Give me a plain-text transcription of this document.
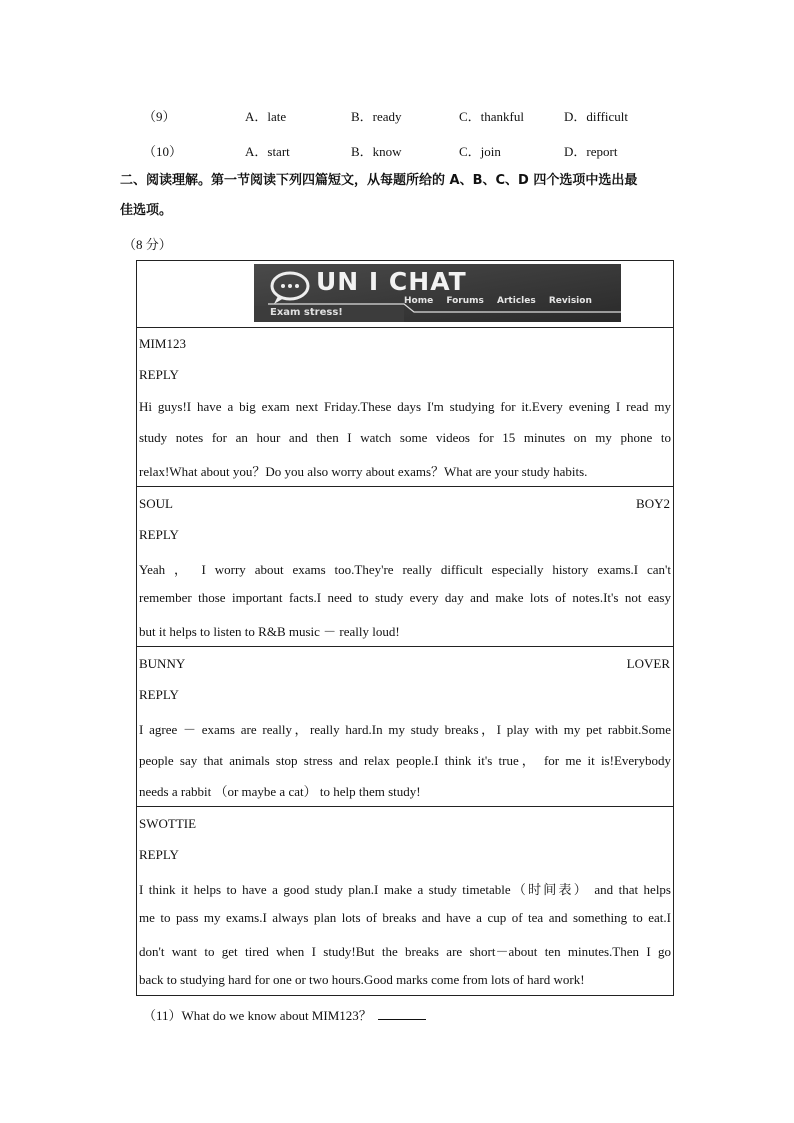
（9）	A．late	B．ready	C．thankful	D．difficult
（10）	A．start	B．know	C．join	D．report
二、阅读理解。第一节阅读下列四篇短文，从每题所给的 A、B、C、D 四个选项中选出最
佳选项。
（8 分）
UN I CHAT
Home Forums Articles Revision
Exam stress!
MIM123
REPLY
Hi guys!I have a big exam next Friday.These days I'm studying for it.Every evening I read my
study notes for an hour and then I watch some videos for 15 minutes on my phone to
relax!What about you？Do you also worry about exams？What are your study habits.
SOUL	BOY2
REPLY
Yeah ， I worry about exams too.They're really difficult especially history exams.I can't
remember those important facts.I need to study every day and make lots of notes.It's not easy
but it helps to listen to R&B music － really loud!
BUNNY	LOVER
REPLY
I agree － exams are really，really hard.In my study breaks，I play with my pet rabbit.Some
people say that animals stop stress and relax people.I think it's true， for me it is!Everybody
needs a rabbit （or maybe a cat） to help them study!
SWOTTIE
REPLY
I think it helps to have a good study plan.I make a study timetable（时间表） and that helps
me to pass my exams.I always plan lots of breaks and have a cup of tea and something to eat.I
don't want to get tired when I study!But the breaks are short－about ten minutes.Then I go
back to studying hard for one or two hours.Good marks come from lots of hard work!
（11）What do we know about MIM123？
